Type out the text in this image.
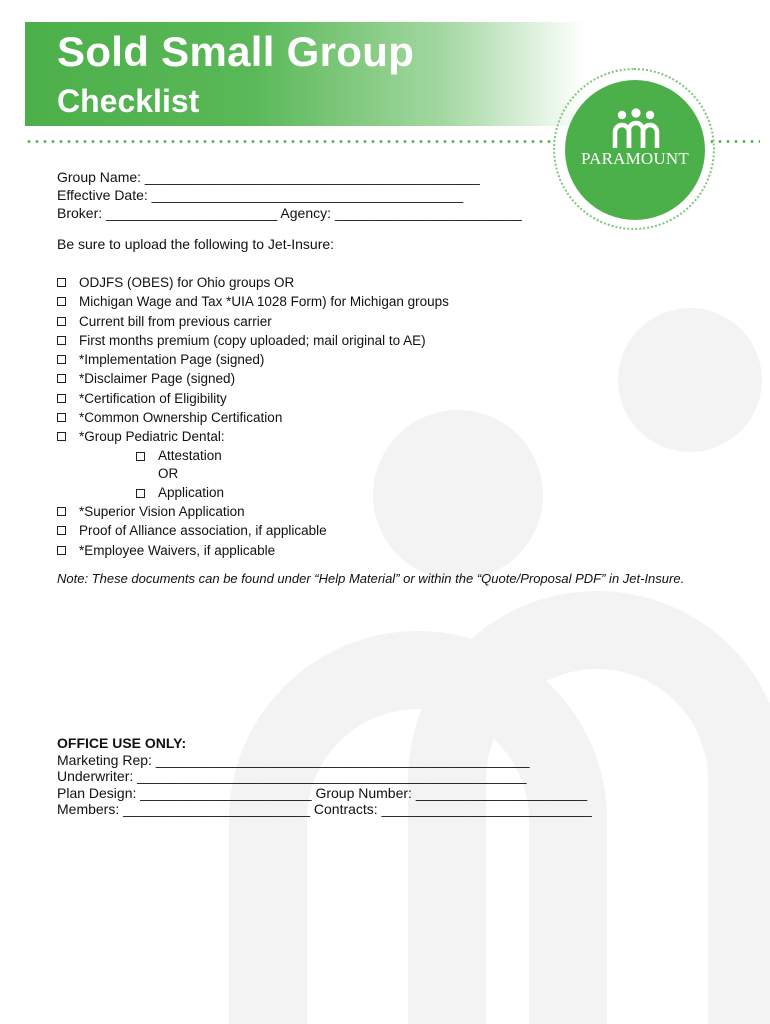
Sold Small Group
Checklist
PARAMOUNT
Group Name: ___________________________________________
Effective Date: ________________________________________
Broker: ______________________ Agency: ________________________
Be sure to upload the following to Jet-Insure:
ODJFS (OBES) for Ohio groups OR
Michigan Wage and Tax *UIA 1028 Form) for Michigan groups
Current bill from previous carrier
First months premium (copy uploaded; mail original to AE)
*Implementation Page (signed)
*Disclaimer Page (signed)
*Certification of Eligibility
*Common Ownership Certification
*Group Pediatric Dental:
Attestation
OR
Application
*Superior Vision Application
Proof of Alliance association, if applicable
*Employee Waivers, if applicable
Note: These documents can be found under “Help Material” or within the “Quote/Proposal PDF” in Jet-Insure.
OFFICE USE ONLY:
Marketing Rep: ________________________________________________
Underwriter: __________________________________________________
Plan Design: ______________________ Group Number: ______________________
Members: ________________________ Contracts: ___________________________
